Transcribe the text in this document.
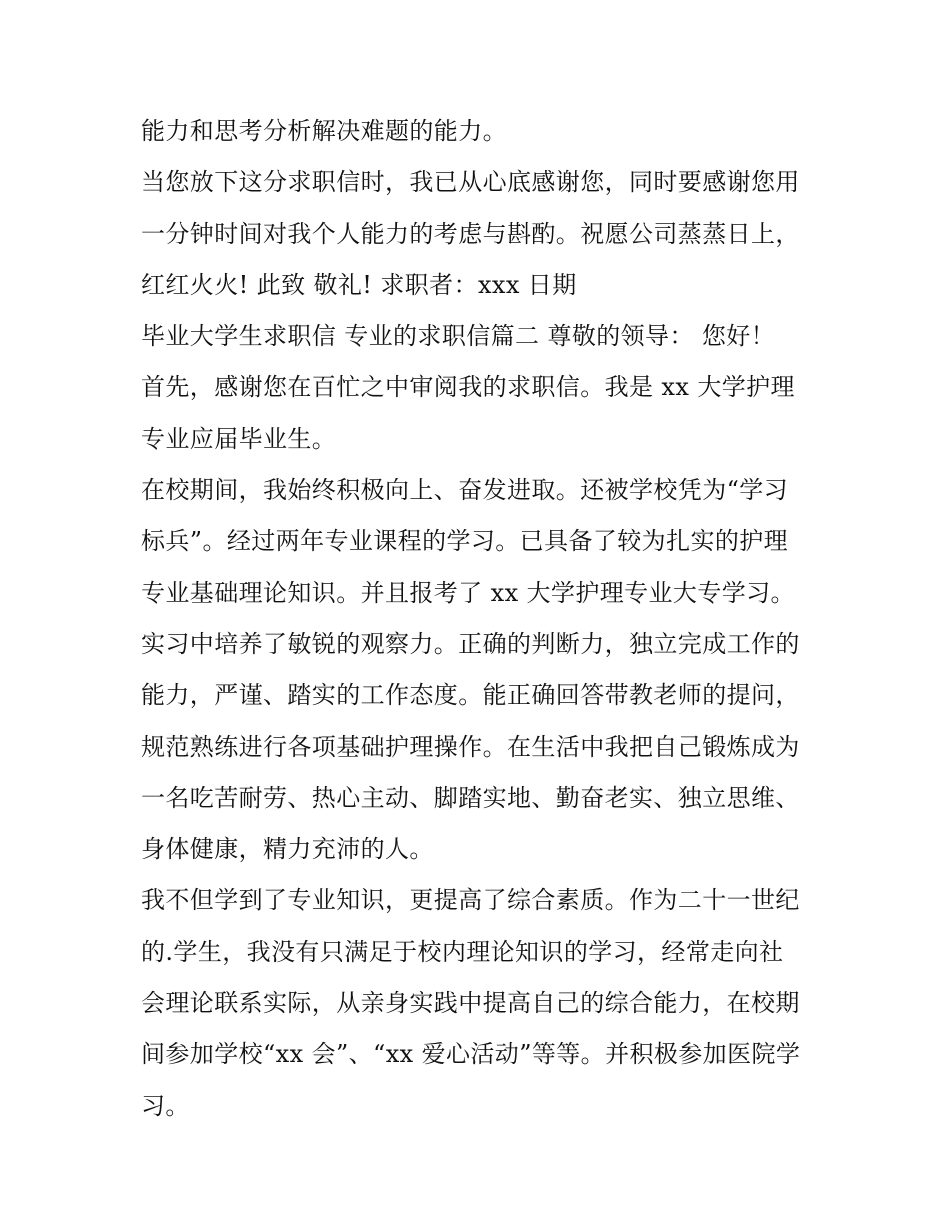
能力和思考分析解决难题的能力。
当您放下这分求职信时，我已从心底感谢您，同时要感谢您用
一分钟时间对我个人能力的考虑与斟酌。祝愿公司蒸蒸日上，
红红火火! 此致 敬礼! 求职者：xxx 日期
毕业大学生求职信 专业的求职信篇二 尊敬的领导： 您好！
首先，感谢您在百忙之中审阅我的求职信。我是 xx 大学护理
专业应届毕业生。
在校期间，我始终积极向上、奋发进取。还被学校凭为“学习
标兵”。经过两年专业课程的学习。已具备了较为扎实的护理
专业基础理论知识。并且报考了 xx 大学护理专业大专学习。
实习中培养了敏锐的观察力。正确的判断力，独立完成工作的
能力，严谨、踏实的工作态度。能正确回答带教老师的提问，
规范熟练进行各项基础护理操作。在生活中我把自己锻炼成为
一名吃苦耐劳、热心主动、脚踏实地、勤奋老实、独立思维、
身体健康，精力充沛的人。
我不但学到了专业知识，更提高了综合素质。作为二十一世纪
的.学生，我没有只满足于校内理论知识的学习，经常走向社
会理论联系实际，从亲身实践中提高自己的综合能力，在校期
间参加学校“xx 会”、“xx 爱心活动”等等。并积极参加医院学
习。
